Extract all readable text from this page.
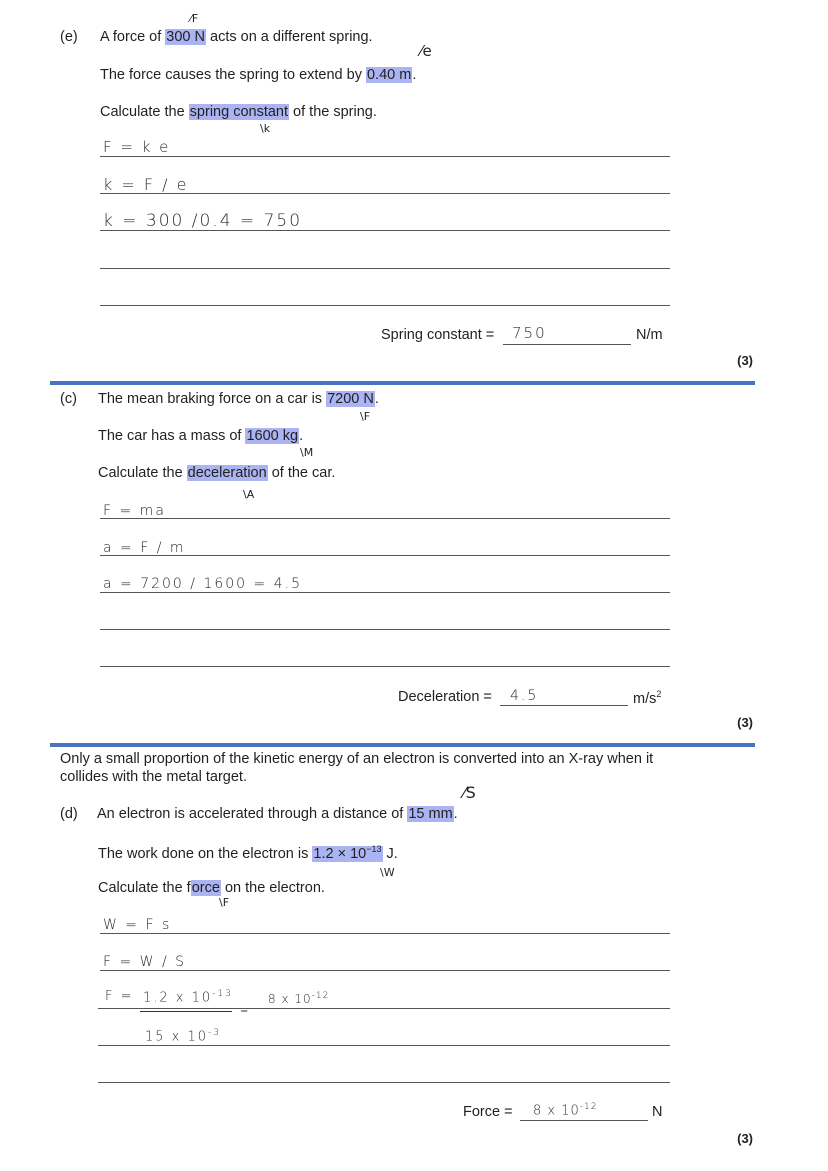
⁄F
(e) A force of 300 N acts on a different spring.
⁄e
The force causes the spring to extend by 0.40 m.
Calculate the spring constant of the spring.
\k
F = k e
k = F / e
k = 300 /0.4 = 750
Spring constant = 750	N/m
(3)
(c) The mean braking force on a car is 7200 N.
\F
The car has a mass of 1600 kg.
\M
Calculate the deceleration of the car.
\A
F = ma
a = F / m
a = 7200 / 1600 = 4.5
Deceleration = 4.5	$m/s^2$
(3)
Only a small proportion of the kinetic energy of an electron is converted into an X-ray when it
collides with the metal target.
⁄S
(d) An electron is accelerated through a distance of 15 mm.
The work done on the electron is $1.2 \times 10^{-13}$ J.
\W
Calculate the force on the electron.
\F
W = F s
F = W / S
F = 1.2 x $10^{-13}$
=
8 x $10^{-12}$
15 x $10^{-3}$
Force = 8 x $10^{-12}$	N
(3)
